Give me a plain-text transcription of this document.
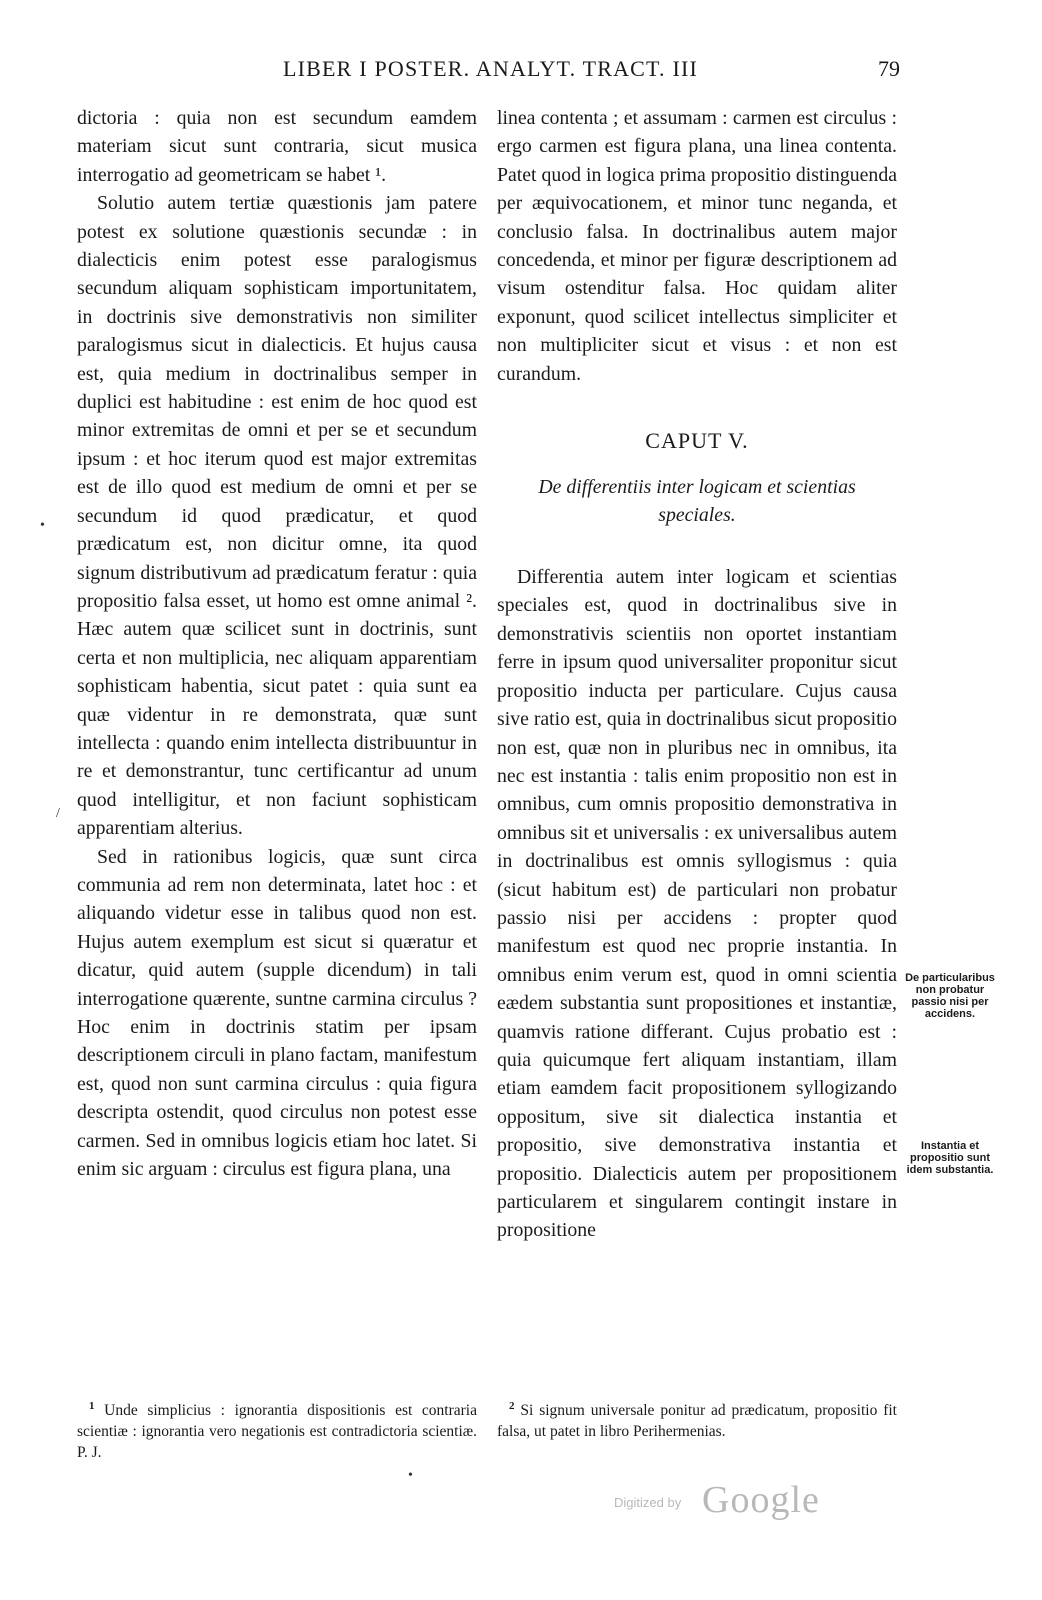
LIBER I POSTER. ANALYT. TRACT. III	79

dictoria : quia non est secundum eamdem materiam sicut sunt contraria, sicut musica interrogatio ad geometricam se habet ¹.

Solutio autem tertiæ quæstionis jam patere potest ex solutione quæstionis secundæ : in dialecticis enim potest esse paralogismus secundum aliquam sophisticam importunitatem, in doctrinis sive demonstrativis non similiter paralogismus sicut in dialecticis. Et hujus causa est, quia medium in doctrinalibus semper in duplici est habitudine : est enim de hoc quod est minor extremitas de omni et per se et secundum ipsum : et hoc iterum quod est major extremitas est de illo quod est medium de omni et per se secundum id quod prædicatur, et quod prædicatum est, non dicitur omne, ita quod signum distributivum ad prædicatum feratur : quia propositio falsa esset, ut homo est omne animal ². Hæc autem quæ scilicet sunt in doctrinis, sunt certa et non multiplicia, nec aliquam apparentiam sophisticam habentia, sicut patet : quia sunt ea quæ videntur in re demonstrata, quæ sunt intellecta : quando enim intellecta distribuuntur in re et demonstrantur, tunc certificantur ad unum quod intelligitur, et non faciunt sophisticam apparentiam alterius.

Sed in rationibus logicis, quæ sunt circa communia ad rem non determinata, latet hoc : et aliquando videtur esse in talibus quod non est. Hujus autem exemplum est sicut si quæratur et dicatur, quid autem (supple dicendum) in tali interrogatione quærente, suntne carmina circulus ? Hoc enim in doctrinis statim per ipsam descriptionem circuli in plano factam, manifestum est, quod non sunt carmina circulus : quia figura descripta ostendit, quod circulus non potest esse carmen. Sed in omnibus logicis etiam hoc latet. Si enim sic arguam : circulus est figura plana, una

linea contenta ; et assumam : carmen est circulus : ergo carmen est figura plana, una linea contenta. Patet quod in logica prima propositio distinguenda per æquivocationem, et minor tunc neganda, et conclusio falsa. In doctrinalibus autem major concedenda, et minor per figuræ descriptionem ad visum ostenditur falsa. Hoc quidam aliter exponunt, quod scilicet intellectus simpliciter et non multipliciter sicut et visus : et non est curandum.

CAPUT V.
De differentiis inter logicam et scientias speciales.

Differentia autem inter logicam et scientias speciales est, quod in doctrinalibus sive in demonstrativis scientiis non oportet instantiam ferre in ipsum quod universaliter proponitur sicut propositio inducta per particulare. Cujus causa sive ratio est, quia in doctrinalibus sicut propositio non est, quæ non in pluribus nec in omnibus, ita nec est instantia : talis enim propositio non est in omnibus, cum omnis propositio demonstrativa in omnibus sit et universalis : ex universalibus autem in doctrinalibus est omnis syllogismus : quia (sicut habitum est) de particulari non probatur passio nisi per accidens : propter quod manifestum est quod nec proprie instantia. In omnibus enim verum est, quod in omni scientia eædem substantia sunt propositiones et instantiæ, quamvis ratione differant. Cujus probatio est : quia quicumque fert aliquam instantiam, illam etiam eamdem facit propositionem syllogizando oppositum, sive sit dialectica instantia et propositio, sive demonstrativa instantia et propositio. Dialecticis autem per propositionem particularem et singularem contingit instare in propositione

De particularibus non probatur passio nisi per accidens.
Instantia et propositio sunt idem substantia.

$^1$ Unde simplicius : ignorantia dispositionis est contraria scientiæ : ignorantia vero negationis est contradictoria scientiæ. P. J.

$^2$ Si signum universale ponitur ad prædicatum, propositio fit falsa, ut patet in libro Perihermenias.

Digitized by Google
•
/
•
